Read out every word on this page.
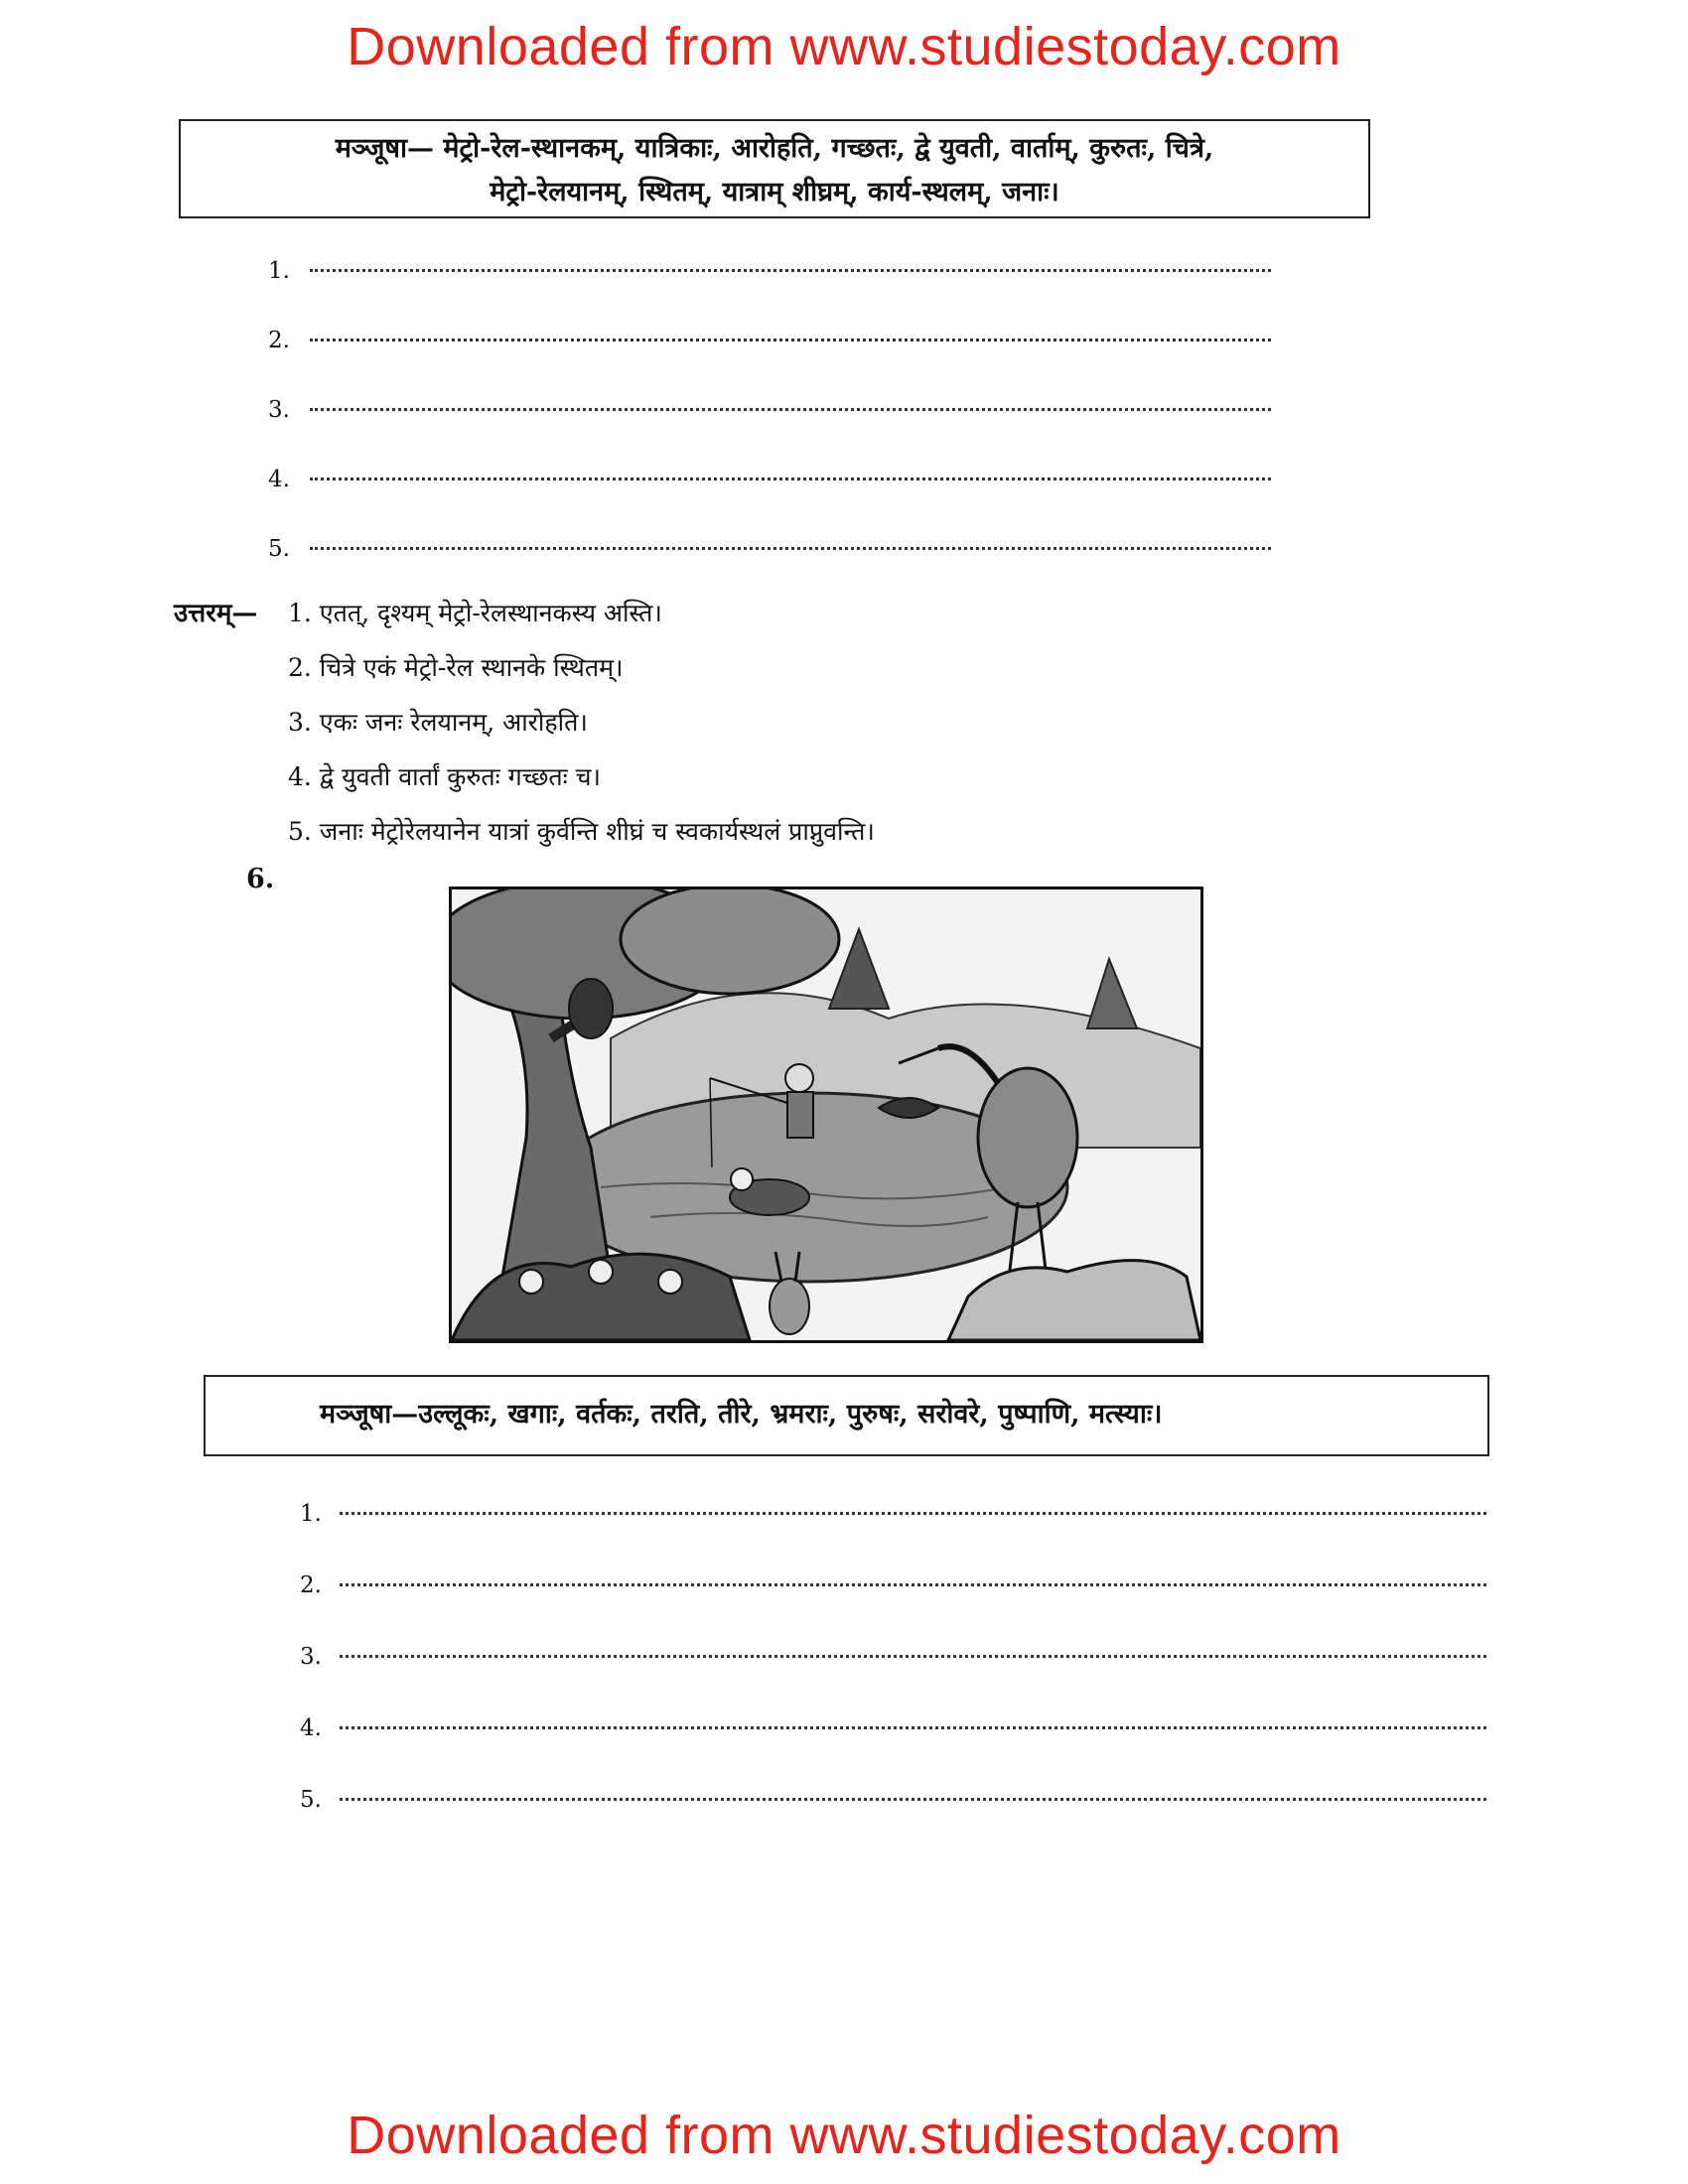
Downloaded from www.studiestoday.com
मञ्जूषा— मेट्रो-रेल-स्थानकम्, यात्रिकाः, आरोहति, गच्छतः, द्वे युवती, वार्ताम्, कुरुतः, चित्रे,
मेट्रो-रेलयानम्, स्थितम्, यात्राम् शीघ्रम्, कार्य-स्थलम्, जनाः।
1.
2.
3.
4.
5.
उत्तरम्— 1. एतत्, दृश्यम् मेट्रो-रेलस्थानकस्य अस्ति।
2. चित्रे एकं मेट्रो-रेल स्थानके स्थितम्।
3. एकः जनः रेलयानम्, आरोहति।
4. द्वे युवती वार्तां कुरुतः गच्छतः च।
5. जनाः मेट्रोरेलयानेन यात्रां कुर्वन्ति शीघ्रं च स्वकार्यस्थलं प्राप्नुवन्ति।
6.
मञ्जूषा—उल्लूकः, खगाः, वर्तकः, तरति, तीरे, भ्रमराः, पुरुषः, सरोवरे, पुष्पाणि, मत्स्याः।
1.
2.
3.
4.
5.
Downloaded from www.studiestoday.com
